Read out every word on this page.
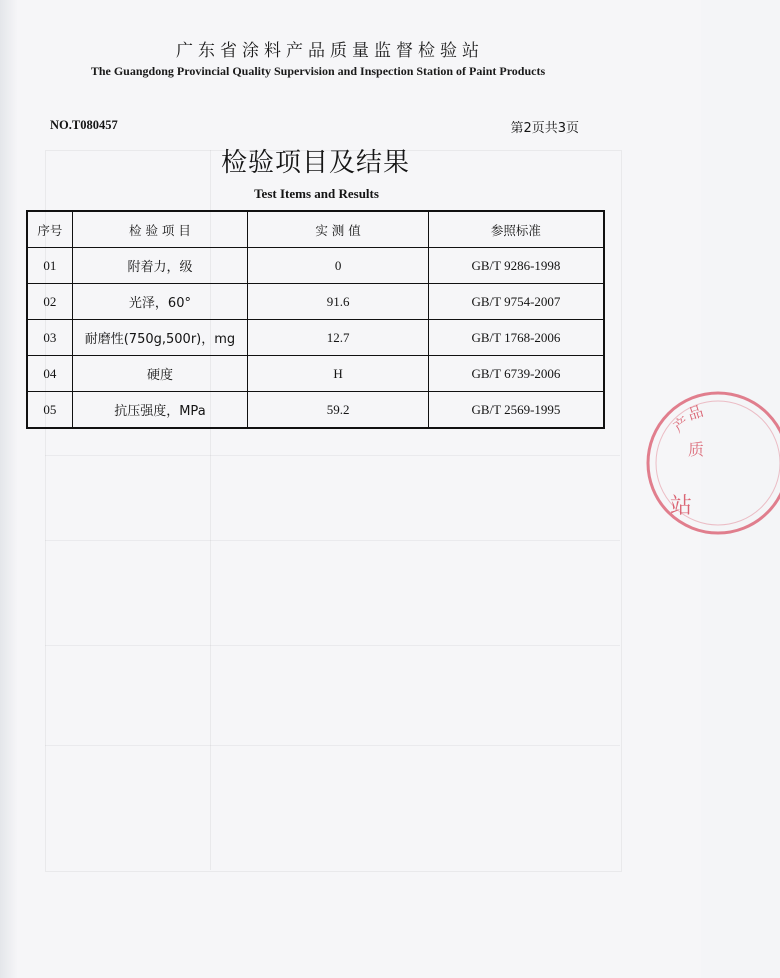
广东省涂料产品质量监督检验站
The Guangdong Provincial Quality Supervision and Inspection Station of Paint Products
NO.T080457	第2页共3页
检验项目及结果
Test Items and Results
序号	检 验 项 目	实 测 值	参照标准
01	附着力，级	0	GB/T 9286-1998
02	光泽，60°	91.6	GB/T 9754-2007
03	耐磨性(750g,500r)，mg	12.7	GB/T 1768-2006
04	硬度	H	GB/T 6739-2006
05	抗压强度，MPa	59.2	GB/T 2569-1995
产
品
质
站
